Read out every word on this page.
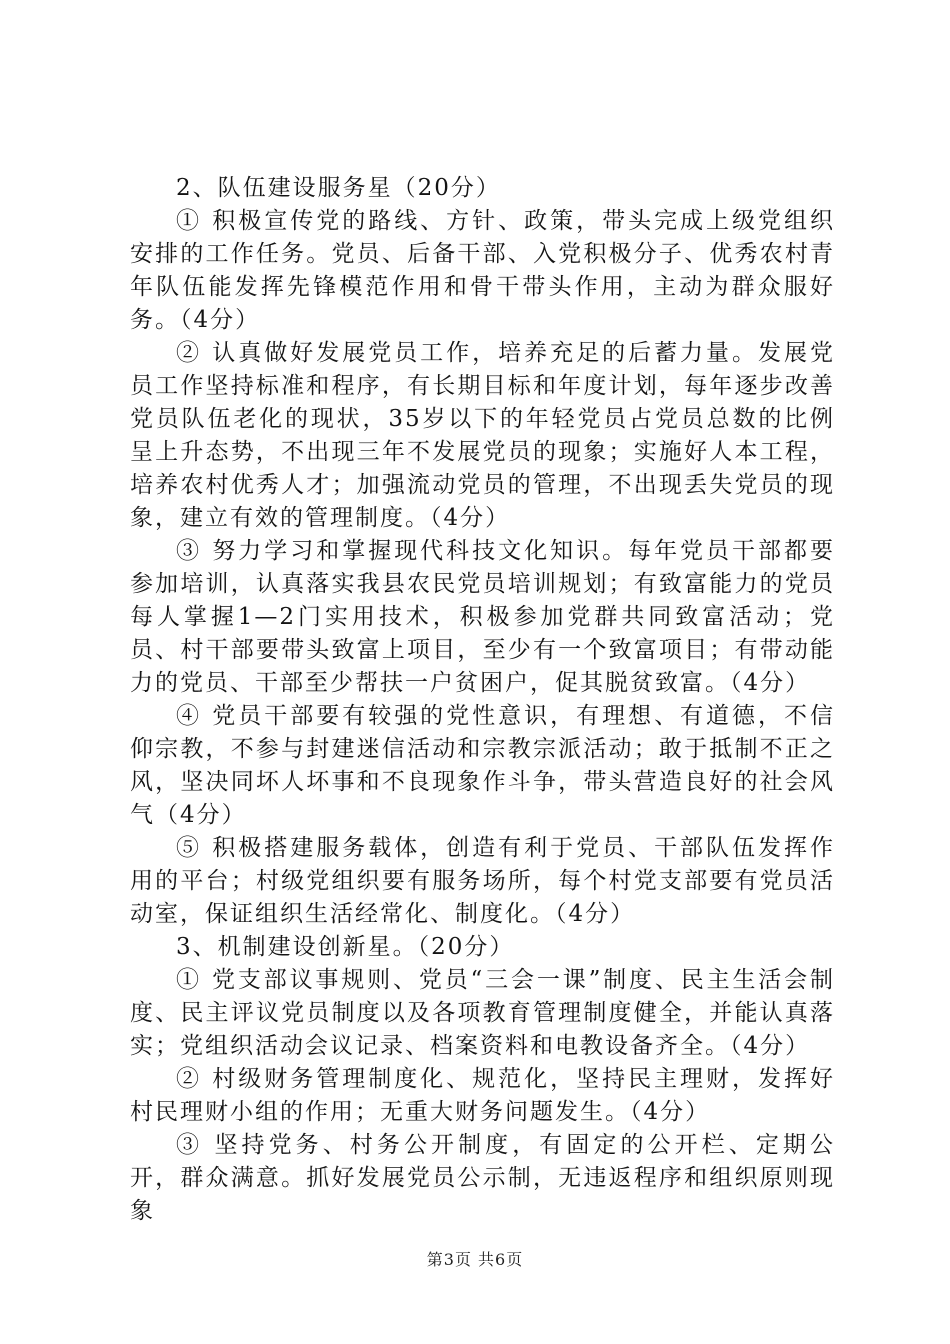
2、队伍建设服务星（20分）

① 积极宣传党的路线、方针、政策，带头完成上级党组织安排的工作任务。党员、后备干部、入党积极分子、优秀农村青年队伍能发挥先锋模范作用和骨干带头作用，主动为群众服好务。（4分）

② 认真做好发展党员工作，培养充足的后蓄力量。发展党员工作坚持标准和程序，有长期目标和年度计划，每年逐步改善党员队伍老化的现状，35岁以下的年轻党员占党员总数的比例呈上升态势，不出现三年不发展党员的现象；实施好人本工程，培养农村优秀人才；加强流动党员的管理，不出现丢失党员的现象，建立有效的管理制度。（4分）

③ 努力学习和掌握现代科技文化知识。每年党员干部都要参加培训，认真落实我县农民党员培训规划；有致富能力的党员每人掌握1—2门实用技术，积极参加党群共同致富活动；党员、村干部要带头致富上项目，至少有一个致富项目；有带动能力的党员、干部至少帮扶一户贫困户，促其脱贫致富。（4分）

④ 党员干部要有较强的党性意识，有理想、有道德，不信仰宗教，不参与封建迷信活动和宗教宗派活动；敢于抵制不正之风，坚决同坏人坏事和不良现象作斗争，带头营造良好的社会风气（4分）

⑤ 积极搭建服务载体，创造有利于党员、干部队伍发挥作用的平台；村级党组织要有服务场所，每个村党支部要有党员活动室，保证组织生活经常化、制度化。（4分）

3、机制建设创新星。（20分）

① 党支部议事规则、党员“三会一课”制度、民主生活会制度、民主评议党员制度以及各项教育管理制度健全，并能认真落实；党组织活动会议记录、档案资料和电教设备齐全。（4分）

② 村级财务管理制度化、规范化，坚持民主理财，发挥好村民理财小组的作用；无重大财务问题发生。（4分）

③ 坚持党务、村务公开制度，有固定的公开栏、定期公开，群众满意。抓好发展党员公示制，无违返程序和组织原则现象

第3页 共6页
